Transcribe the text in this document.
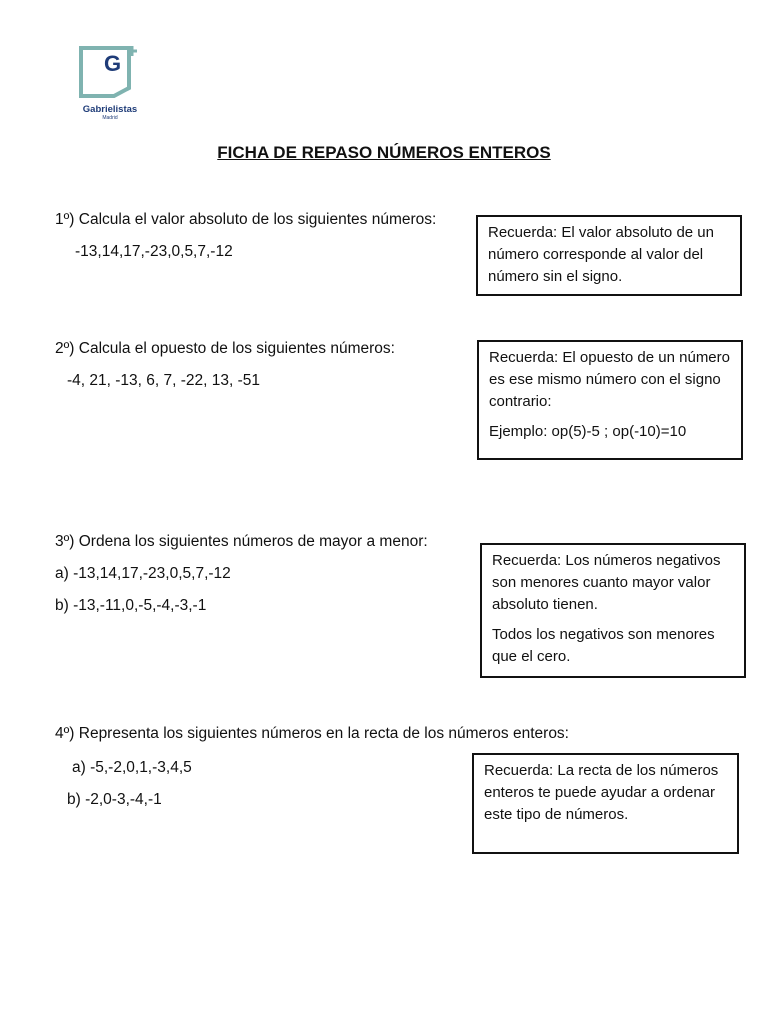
G
Gabrielistas
Madrid
FICHA DE REPASO NÚMEROS ENTEROS
1º) Calcula el valor absoluto de los siguientes números:
-13,14,17,-23,0,5,7,-12

Recuerda: El valor absoluto de un número corresponde al valor del número sin el signo.

2º) Calcula el opuesto de los siguientes números:
-4, 21, -13, 6, 7, -22, 13, -51

Recuerda: El opuesto de un número es ese mismo número con el signo contrario:

Ejemplo: op(5)-5 ; op(-10)=10

3º) Ordena los siguientes números de mayor a menor:
a) -13,14,17,-23,0,5,7,-12
b) -13,-11,0,-5,-4,-3,-1

Recuerda: Los números negativos son menores cuanto mayor valor absoluto tienen.

Todos los negativos son menores que el cero.

4º) Representa los siguientes números en la recta de los números enteros:
a) -5,-2,0,1,-3,4,5
b) -2,0-3,-4,-1

Recuerda: La recta de los números enteros te puede ayudar a ordenar este tipo de números.
